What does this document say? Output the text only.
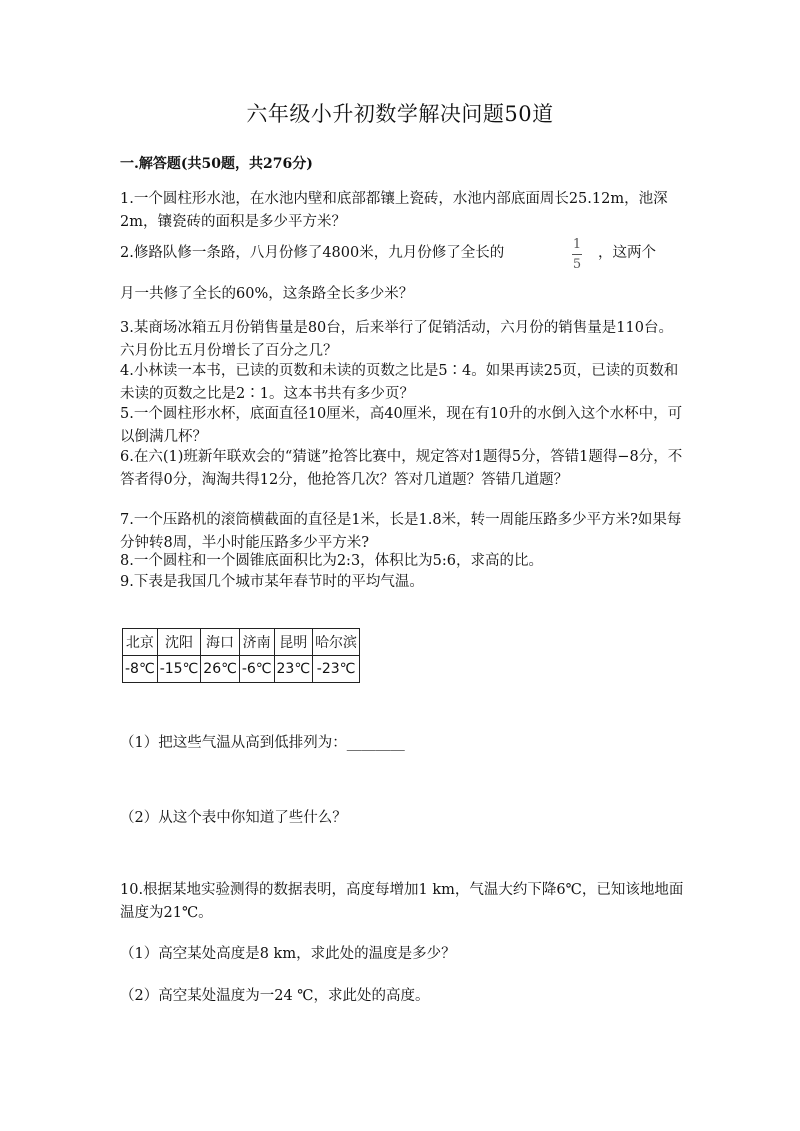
六年级小升初数学解决问题50道
一.解答题(共50题，共276分)

1.一个圆柱形水池，在水池内壁和底部都镶上瓷砖，水池内部底面周长25.12m，池深2m，镶瓷砖的面积是多少平方米？

2.修路队修一条路，八月份修了4800米，九月份修了全长的
1
5
，这两个

月一共修了全长的60%，这条路全长多少米？

3.某商场冰箱五月份销售量是80台，后来举行了促销活动，六月份的销售量是110台。六月份比五月份增长了百分之几？

4.小林读一本书，已读的页数和未读的页数之比是5∶4。如果再读25页，已读的页数和未读的页数之比是2∶1。这本书共有多少页？

5.一个圆柱形水杯，底面直径10厘米，高40厘米，现在有10升的水倒入这个水杯中，可以倒满几杯？

6.在六(1)班新年联欢会的“猜谜”抢答比赛中，规定答对1题得5分，答错1题得−8分，不答者得0分，淘淘共得12分，他抢答几次？答对几道题？答错几道题？

7.一个压路机的滚筒横截面的直径是1米，长是1.8米，转一周能压路多少平方米?如果每分钟转8周，半小时能压路多少平方米?

8.一个圆柱和一个圆锥底面积比为2:3，体积比为5:6，求高的比。

9.下表是我国几个城市某年春节时的平均气温。

北京	沈阳	海口	济南	昆明	哈尔滨
-8℃	-15℃	26℃	-6℃	23℃	-23℃
（1）把这些气温从高到低排列为：________
（2）从这个表中你知道了些什么？

10.根据某地实验测得的数据表明，高度每增加1 km，气温大约下降6℃，已知该地地面温度为21℃。

（1）高空某处高度是8 km，求此处的温度是多少？
（2）高空某处温度为一24 ℃，求此处的高度。
